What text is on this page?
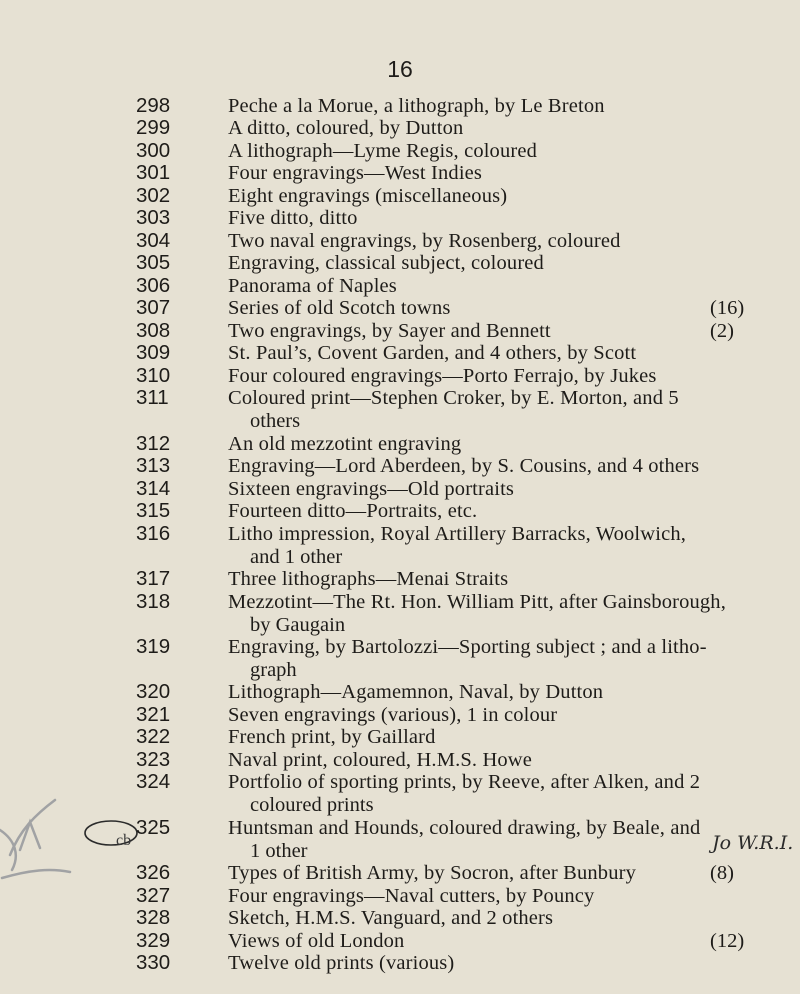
16
298	Peche a la Morue, a lithograph, by Le Breton
299	A ditto, coloured, by Dutton
300	A lithograph—Lyme Regis, coloured
301	Four engravings—West Indies
302	Eight engravings (miscellaneous)
303	Five ditto, ditto
304	Two naval engravings, by Rosenberg, coloured
305	Engraving, classical subject, coloured
306	Panorama of Naples
307	Series of old Scotch towns	(16)
308	Two engravings, by Sayer and Bennett	(2)
309	St. Paul’s, Covent Garden, and 4 others, by Scott
310	Four coloured engravings—Porto Ferrajo, by Jukes
311	Coloured print—Stephen Croker, by E. Morton, and 5
others
312	An old mezzotint engraving
313	Engraving—Lord Aberdeen, by S. Cousins, and 4 others
314	Sixteen engravings—Old portraits
315	Fourteen ditto—Portraits, etc.
316	Litho impression, Royal Artillery Barracks, Woolwich,
and 1 other
317	Three lithographs—Menai Straits
318	Mezzotint—The Rt. Hon. William Pitt, after Gainsborough,
by Gaugain
319	Engraving, by Bartolozzi—Sporting subject ; and a litho-
graph
320	Lithograph—Agamemnon, Naval, by Dutton
321	Seven engravings (various), 1 in colour
322	French print, by Gaillard
323	Naval print, coloured, H.M.S. Howe
324	Portfolio of sporting prints, by Reeve, after Alken, and 2
coloured prints
325	Huntsman and Hounds, coloured drawing, by Beale, and
1 other
326	Types of British Army, by Socron, after Bunbury	(8)
327	Four engravings—Naval cutters, by Pouncy
328	Sketch, H.M.S. Vanguard, and 2 others
329	Views of old London	(12)
330	Twelve old prints (various)
cb	Jo W.R.I.
